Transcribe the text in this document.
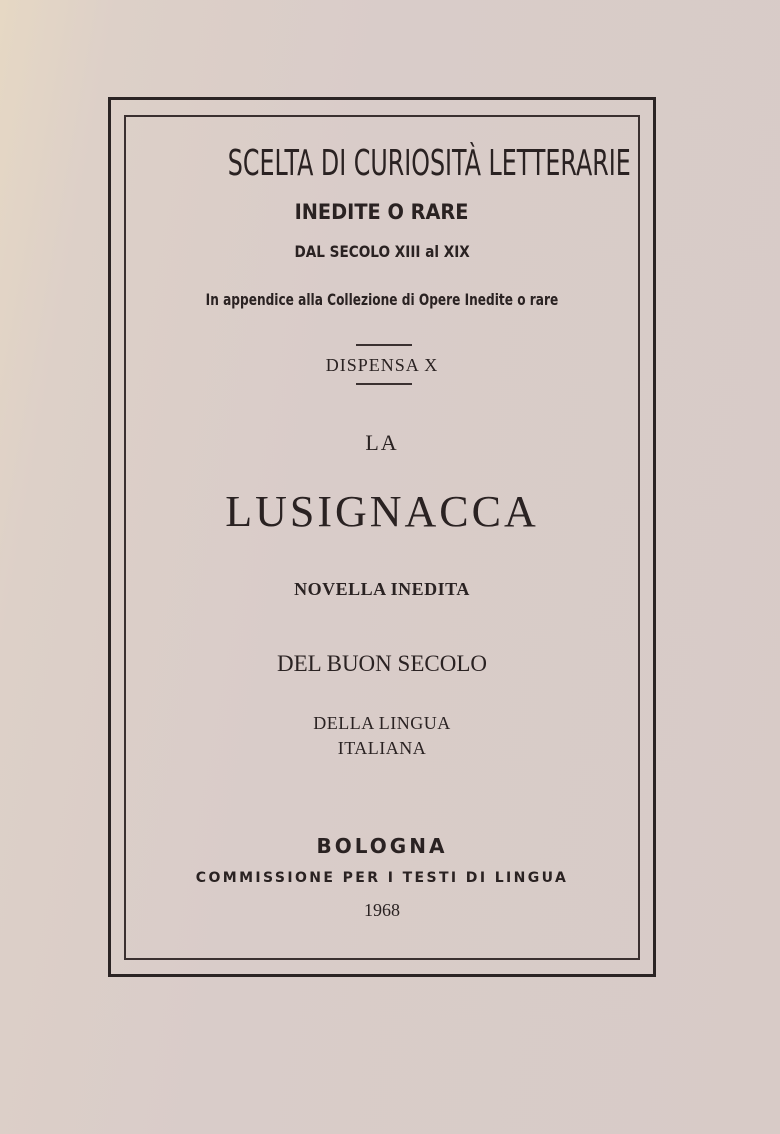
SCELTA DI CURIOSITÀ LETTERARIE
INEDITE O RARE
DAL SECOLO XIII al XIX
In appendice alla Collezione di Opere Inedite o rare
DISPENSA X
LA
LUSIGNACCA
NOVELLA INEDITA
DEL BUON SECOLO
DELLA LINGUA
ITALIANA
BOLOGNA
COMMISSIONE PER I TESTI DI LINGUA
1968
